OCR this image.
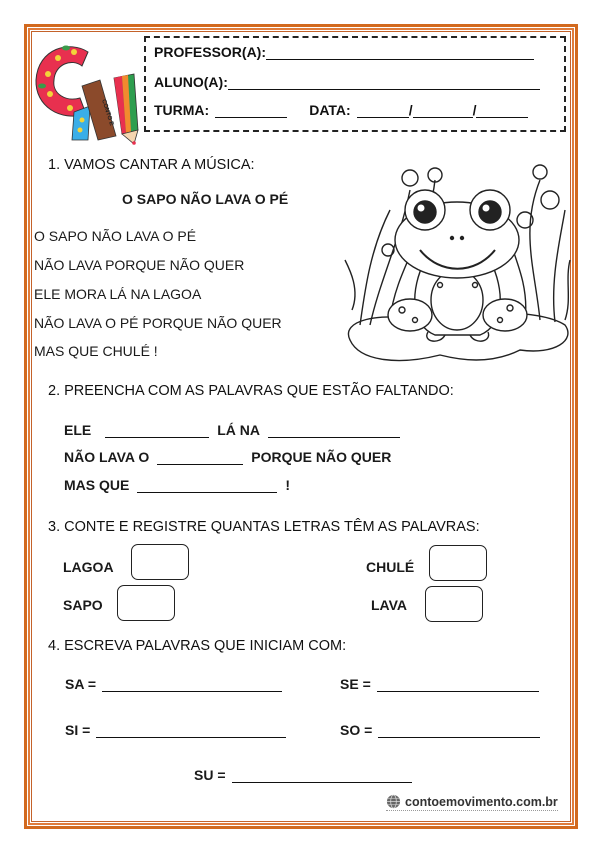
CONTO E
PROFESSOR(A):
ALUNO(A):
TURMA:	DATA:	/	/
1. VAMOS CANTAR A MÚSICA:
O SAPO NÃO LAVA O PÉ
O SAPO NÃO LAVA O PÉ
NÃO LAVA PORQUE NÃO QUER
ELE MORA LÁ NA LAGOA
NÃO LAVA O PÉ PORQUE NÃO QUER
MAS QUE CHULÉ !
2. PREENCHA COM AS PALAVRAS QUE ESTÃO FALTANDO:
ELE	LÁ NA
NÃO LAVA O	PORQUE NÃO QUER
MAS QUE	!
3. CONTE E REGISTRE QUANTAS LETRAS TÊM AS PALAVRAS:
LAGOA	CHULÉ
SAPO	LAVA
4. ESCREVA PALAVRAS QUE INICIAM COM:
SA =	SE =
SI =	SO =
SU =
contoemovimento.com.br
